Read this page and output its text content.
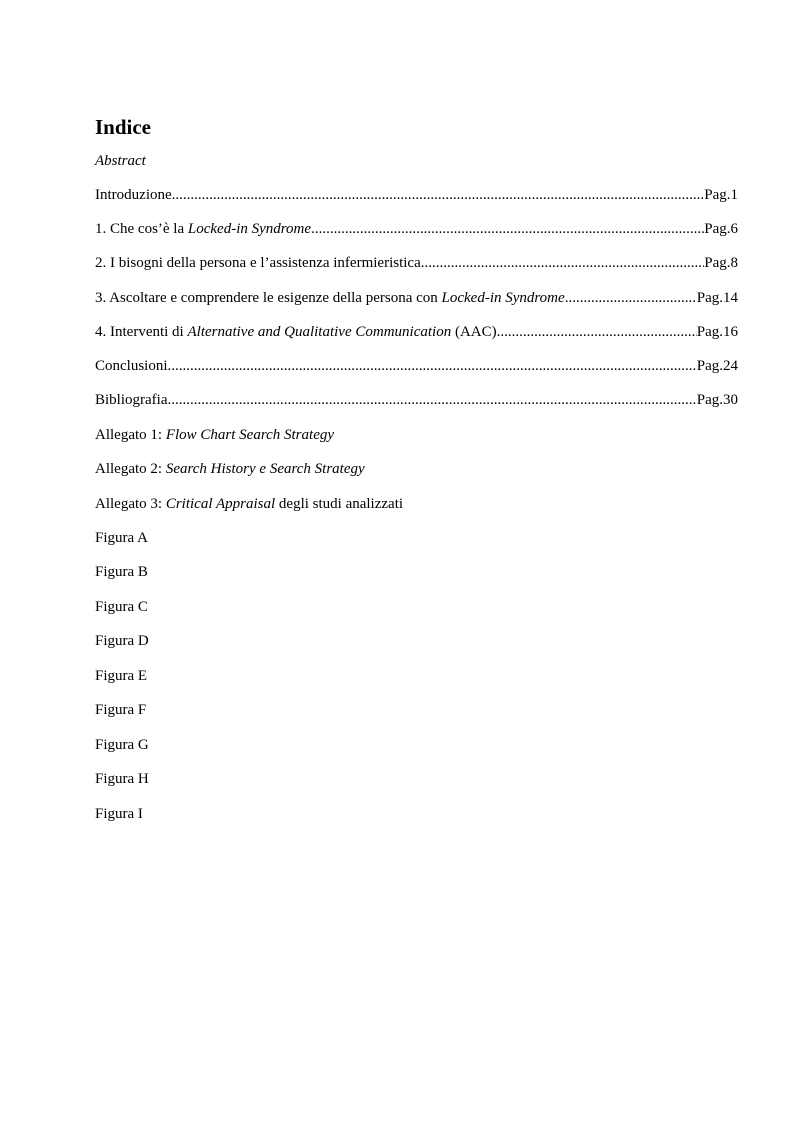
Indice
Abstract
Introduzione .....	Pag.1
1. Che cos’è la Locked-in Syndrome .....	Pag.6
2. I bisogni della persona e l’assistenza infermieristica .....	Pag.8
3. Ascoltare e comprendere le esigenze della persona con Locked-in Syndrome .....	Pag.14
4. Interventi di Alternative and Qualitative Communication (AAC) .....	Pag.16
Conclusioni .....	Pag.24
Bibliografia .....	Pag.30
Allegato 1: Flow Chart Search Strategy
Allegato 2: Search History e Search Strategy
Allegato 3: Critical Appraisal degli studi analizzati
Figura A
Figura B
Figura C
Figura D
Figura E
Figura F
Figura G
Figura H
Figura I
